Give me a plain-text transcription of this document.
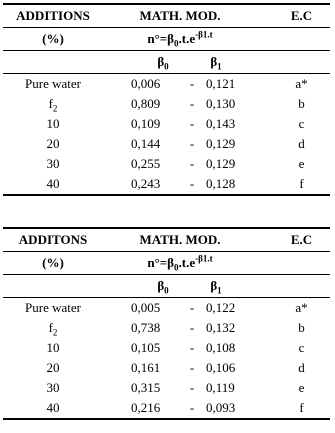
ADDITIONS	MATH. MOD.	E.C
(%)	$n^\circ=\beta_0.t.e^{-\beta 1.t}$
$\beta_0$	$\beta_1$
Pure water	0,006	- 0,121	a*
$f_2$	0,809	- 0,130	b
10	0,109	- 0,143	c
20	0,144	- 0,129	d
30	0,255	- 0,129	e
40	0,243	- 0,128	f
ADDITONS	MATH. MOD.	E.C
(%)	$n^\circ=\beta_0.t.e^{-\beta 1.t}$
$\beta_0$	$\beta_1$
Pure water	0,005	- 0,122	a*
$f_2$	0,738	- 0,132	b
10	0,105	- 0,108	c
20	0,161	- 0,106	d
30	0,315	- 0,119	e
40	0,216	- 0,093	f
